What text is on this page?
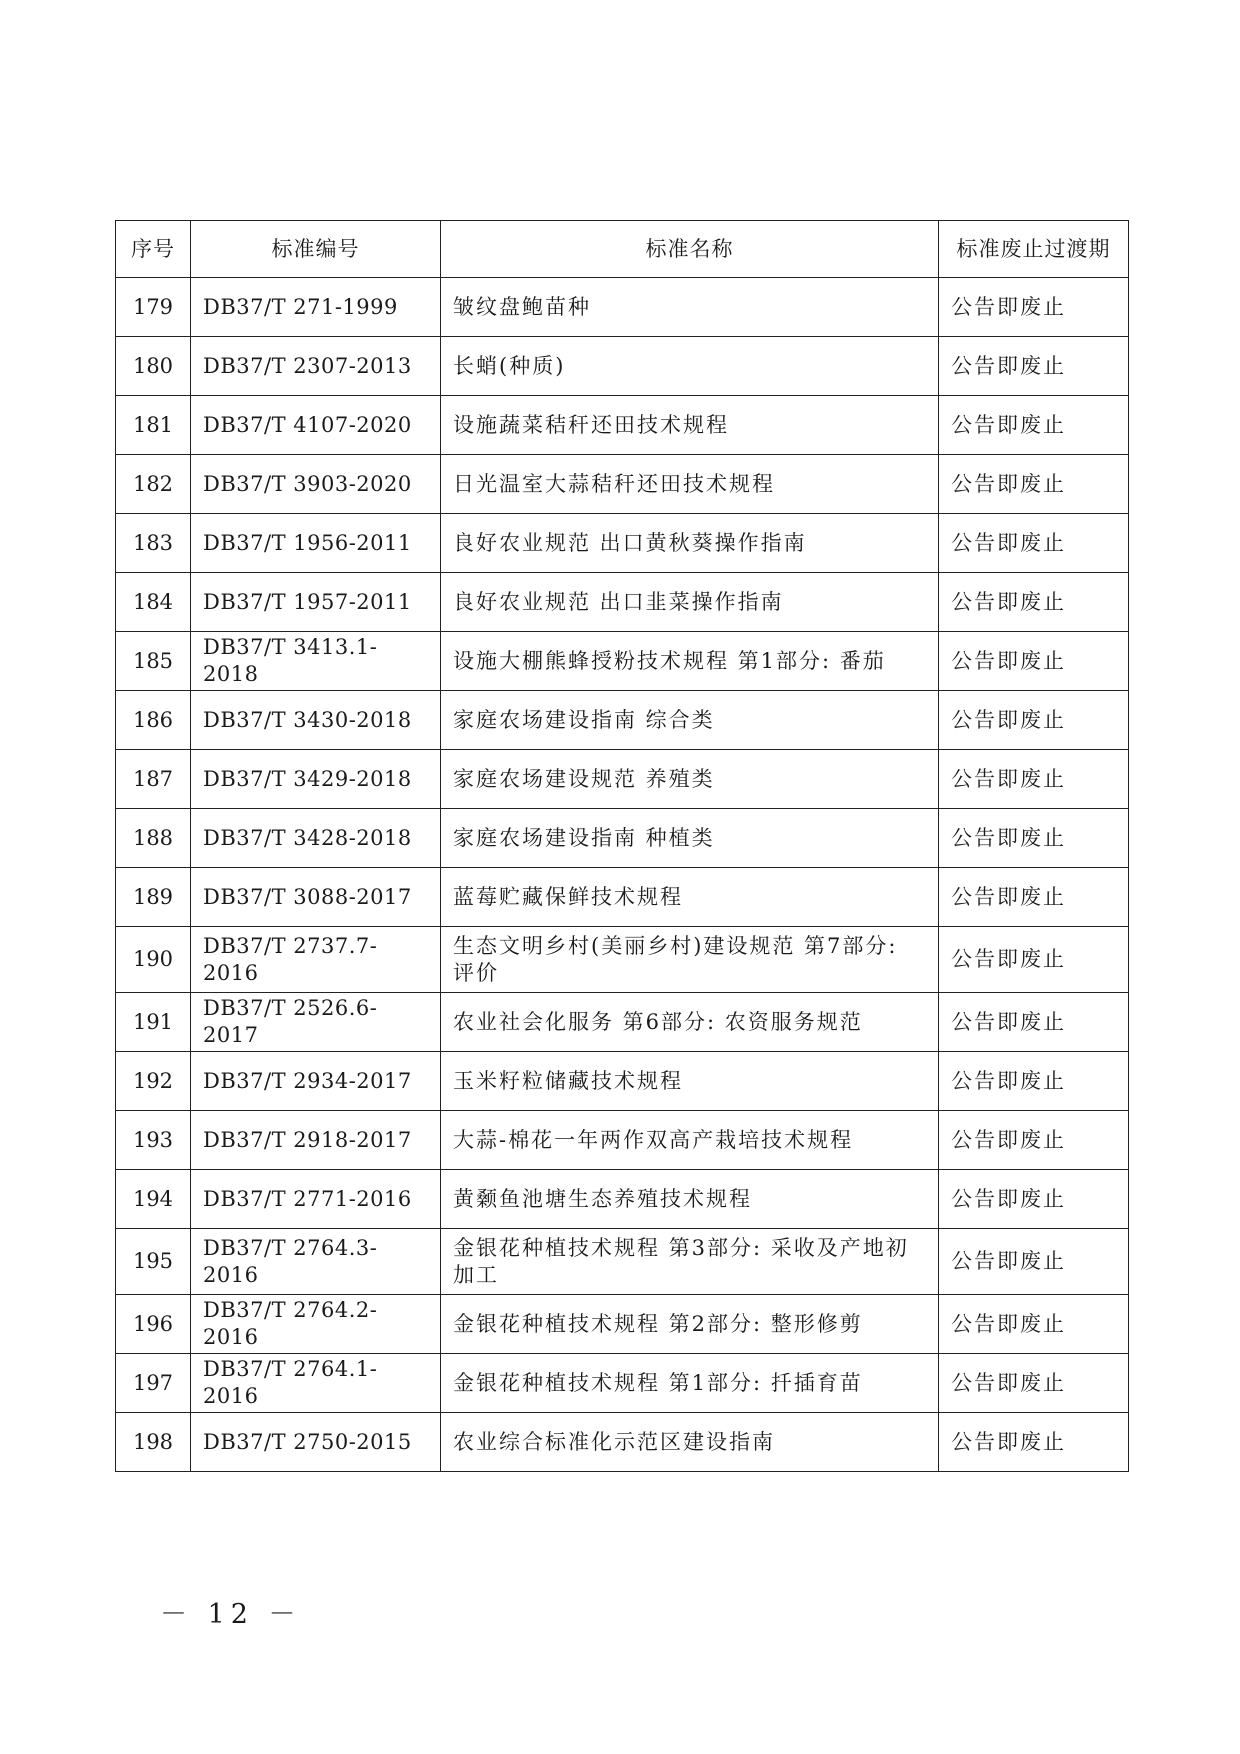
序号	标准编号	标准名称	标准废止过渡期
179	DB37/T 271-1999	皱纹盘鲍苗种	公告即废止
180	DB37/T 2307-2013	长蛸(种质)	公告即废止
181	DB37/T 4107-2020	设施蔬菜秸秆还田技术规程	公告即废止
182	DB37/T 3903-2020	日光温室大蒜秸秆还田技术规程	公告即废止
183	DB37/T 1956-2011	良好农业规范 出口黄秋葵操作指南	公告即废止
184	DB37/T 1957-2011	良好农业规范 出口韭菜操作指南	公告即废止
185	DB37/T 3413.1-2018	设施大棚熊蜂授粉技术规程 第1部分: 番茄	公告即废止
186	DB37/T 3430-2018	家庭农场建设指南 综合类	公告即废止
187	DB37/T 3429-2018	家庭农场建设规范 养殖类	公告即废止
188	DB37/T 3428-2018	家庭农场建设指南 种植类	公告即废止
189	DB37/T 3088-2017	蓝莓贮藏保鲜技术规程	公告即废止
190	DB37/T 2737.7-2016	生态文明乡村(美丽乡村)建设规范 第7部分: 评价	公告即废止
191	DB37/T 2526.6-2017	农业社会化服务 第6部分: 农资服务规范	公告即废止
192	DB37/T 2934-2017	玉米籽粒储藏技术规程	公告即废止
193	DB37/T 2918-2017	大蒜-棉花一年两作双高产栽培技术规程	公告即废止
194	DB37/T 2771-2016	黄颡鱼池塘生态养殖技术规程	公告即废止
195	DB37/T 2764.3-2016	金银花种植技术规程 第3部分: 采收及产地初加工	公告即废止
196	DB37/T 2764.2-2016	金银花种植技术规程 第2部分: 整形修剪	公告即废止
197	DB37/T 2764.1-2016	金银花种植技术规程 第1部分: 扦插育苗	公告即废止
198	DB37/T 2750-2015	农业综合标准化示范区建设指南	公告即废止
－ 12 －
